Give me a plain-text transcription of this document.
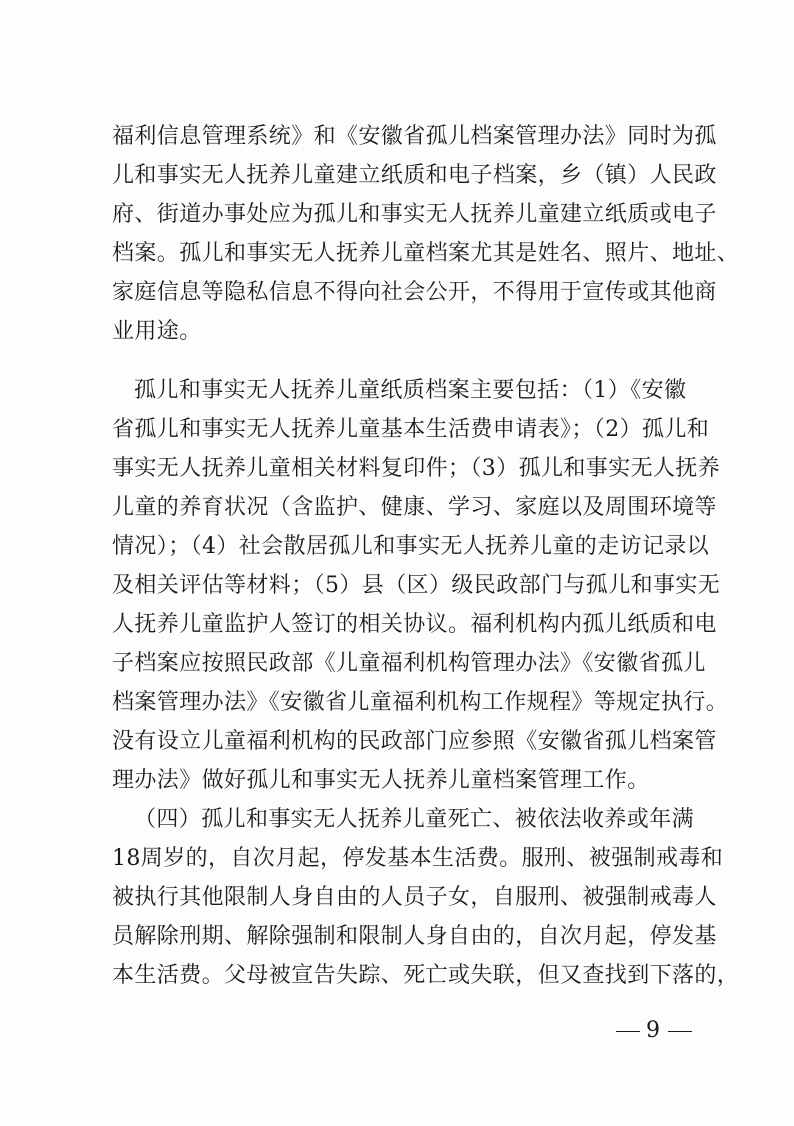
福利信息管理系统》和《安徽省孤儿档案管理办法》同时为孤
儿和事实无人抚养儿童建立纸质和电子档案，乡（镇）人民政
府、街道办事处应为孤儿和事实无人抚养儿童建立纸质或电子
档案。孤儿和事实无人抚养儿童档案尤其是姓名、照片、地址、
家庭信息等隐私信息不得向社会公开，不得用于宣传或其他商
业用途。
孤儿和事实无人抚养儿童纸质档案主要包括：（1）《安徽
省孤儿和事实无人抚养儿童基本生活费申请表》；（2）孤儿和
事实无人抚养儿童相关材料复印件；（3）孤儿和事实无人抚养
儿童的养育状况（含监护、健康、学习、家庭以及周围环境等
情况）；（4）社会散居孤儿和事实无人抚养儿童的走访记录以
及相关评估等材料；（5）县（区）级民政部门与孤儿和事实无
人抚养儿童监护人签订的相关协议。福利机构内孤儿纸质和电
子档案应按照民政部《儿童福利机构管理办法》《安徽省孤儿
档案管理办法》《安徽省儿童福利机构工作规程》等规定执行。
没有设立儿童福利机构的民政部门应参照《安徽省孤儿档案管
理办法》做好孤儿和事实无人抚养儿童档案管理工作。
（四）孤儿和事实无人抚养儿童死亡、被依法收养或年满
18周岁的，自次月起，停发基本生活费。服刑、被强制戒毒和
被执行其他限制人身自由的人员子女，自服刑、被强制戒毒人
员解除刑期、解除强制和限制人身自由的，自次月起，停发基
本生活费。父母被宣告失踪、死亡或失联，但又查找到下落的，
9
